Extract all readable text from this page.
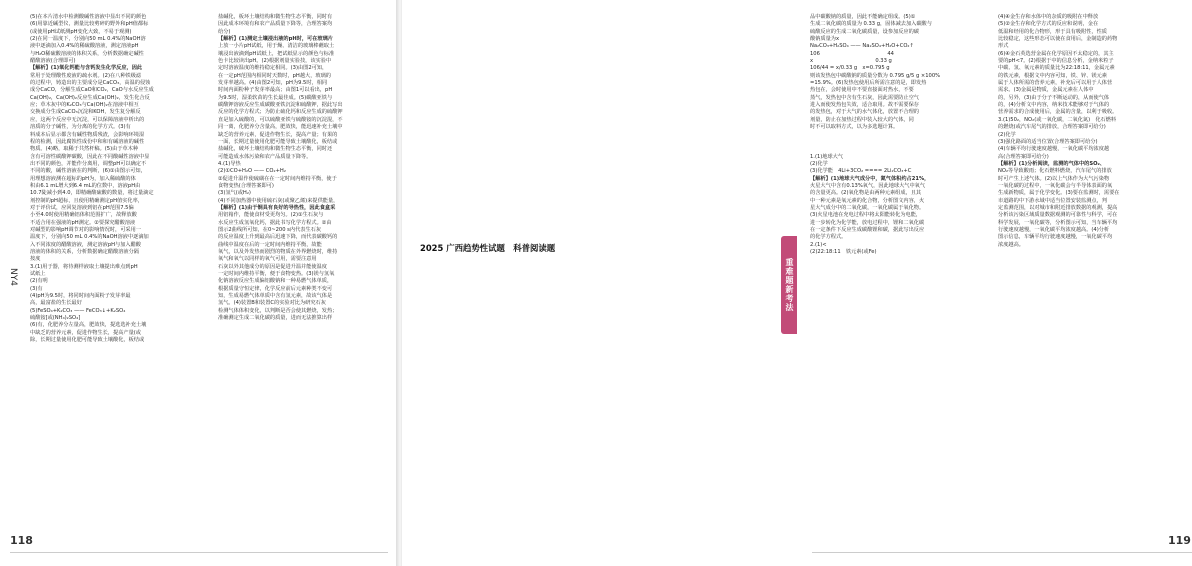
(5)在本片清水中检测酸碱性溶液中显出不同的颜色

(6)用靠近碱型仪，测量比较剪碎的野外和pH值都标

(或使用pH试纸测pH变化大致，不易于观测)

(2)在同一温度下，分别向50 mL 0.4%的NaOH溶

液中逐滴加入0.4%的稀硫酸溶液，测定溶液pH

与H₂O稀硫酸溶液的体积关系，分析数据确定碱性

醋酸溶液(合理即可)

【解析】(1)氧化钙能与含钙发生化学反应，因此

常用于处理酸性废液的疏水剂。(2)在八种铁级滤

的过程中，铸造出的主要成分是CaCO₃，高温的侵蚀

成分CaCO，分解生成CaO和CO₂，CaO与水反应生成

Ca(OH)₂，Ca(OH)₂反应生成Ca(OH)₂，发生化合反

应；草木灰中的K₂CO₃与Ca(OH)₂在溶液中相互

交换成分生成CaCO₃沉淀和KOH，发生复分解反

应，这两个反应中无沉淀，可以保障溶液中析出的

溶质的分子碱性，为分离的化学方式。(3)有

料成本后显示都含有碱性物质残渣，会影响环境湿

程的检测，因此腐蚀性成份中和和有碱溶液的碱性

物质。(4)略，取稀于共然杆稿。(5)由于草木种

含有可溶性碳酸钾碳酸，因此在不同酸碱性溶液中显

出不同的颜色，并能作分离用，调整pH可以确定不

不同的酸，碱性溶液在的判断，(6)①由图示可知，

用理想溶液测在超标的pH为，加入稀硫酸的体

积由6.1 mL增大到6.4 mL的位数中，溶液pH由

10.7陡减小到4.0，即精确酸硫酸的数量，将过量滴定

剂控制的pH超标，且使用精确测定pH值实化率，

对于评价试，应回复溶液到铝在pH范围7.5偏

小至4.0时使用精确铝体积范围扩广，故释放酸

不适合用在强液的pH测定。②要探究醋酸溶液

对碱型的影响pH调节对的影响情况时，可采用一

温度下，分别向50 mL 0.4%的NaOH溶液中逐滴加

入不同浓度的醋酸溶液，测定溶液pH与加入醋酸

溶液的体积的关系，分析数据确定醋酸溶液分隔

按度

3.(1)用于器，将待测样液取土壤提出难点到pH

试纸上

(2)有明

(3)有

(4)pH为9.5时，将同时间内面粉子发芽率最

高，最富盐的生长最好

(5)FeSO₄+K₂CO₃ —— FeCO₃↓+K₂SO₄

硫酸铵[或(NH₄)₂SO₄]

(6)有，化肥养分左量高，肥效快，提选选补充土壤

中缺乏的营养元素，促进作物生长，提高产量(或

除，长期过量使用化肥可能导致土壤酸化，板结或

盐碱化，板环土壤结构和微生物生态平衡，同时有

因此成本环境有和农产品质量下降等，合理答案均

给分)

【解析】(1)测定土壤浸出液的pH时，可在玻璃片

上放一小片pH试纸，用于燥、清洁的玻璃棒蘸取土

壤浸出液滴到pH试纸上，把试纸显示的颜色与标准

色卡比较读出pH。(2)根据剂量实验技，该实验中

定时溶液温度的维持稳定相同。(3)由图2可知，

在一定pH范围内相同时天数时，pH越大，玻璃的

发芽率越高。(4)由图2可知，pH为9.5时，相同

时间内面粉种子发芽率最高；由图1可以看出，pH

为9.5时，湿柔软苗的生长最佳成。(5)碳酸亚铁与

碳酸钾溶液反应生成碳酸亚铁沉淀和硫酸钾，据此写出

反应的化学方程式；为防止硫化钙和反应生成的硫酸钾

直是加入硫酸的，可以硫酸亚铁与硫酸铵的沉淀混，不

同一离，化肥养分含量高，肥效快，能迅速补充土壤中

缺乏的营养元素，促进作物生长，提高产量；有果的

一面，长期过量使用化肥可能导致土壤酸化，板结或

盐碱化，破坏土壤结构和微生物生态平衡，同时还

可能造成水体污染和农产品质量下降等。

4.(1)导热

(2)①CO+H₂O —— CO₂+H₂

②促进升温作使硫磺在在一定时间内维持平衡，使于

食物变热(合理答案即可)

(3)氢气(或H₂)

(4)不同加热器中使用硫石灰(或聚乙烯)来提供能量，

【解析】(1)由于铜具有良好的导热性，因此食盒采

用铝箱作，能使食材受更均匀。(2)①生石灰与

水反应生成氢氧化钙，据此书写化学方程式。②由

图示2曲线所可知，在0~200 s内代表生石灰

的反应温度上升到最高后迅速下降，而代表碳酸钙的

曲线中温度在后的一定时间内维持平衡，故能

氧气，以及外发热而剧烈的物质在外界燃烧时，维持

氧气和氧气以同样的氧气可用，需要注意用

石灰以外其他成分的原因是促进升温并能使温度

一定时间内维持平衡，便于食物变热。(3)镁与氢氧

化钠溶液反应生成偏铝酸钠和一种易燃气体单质，

根据质量守恒定律，化学反应前后元素种类不变可

知，生成易燃气体单质中含有氢元素，故该气体是

氢气。(4)装置B和装置C的实验对比为研究石灰

检测气体体积变化，以判断是否会使其燃烧，发热；

准确测定生成二氧化碳的质量，进而无法推算出样

NY4
118

品中碳酸钠的质量，因此不能确定组成。(5)①

生成二氧化碳的质量为 0.33 g，固体减去加入碳酸与

硫酸反应的生成二氧化碳质量，设参加反应的碳

酸钠质量为x

Na₂CO₃+H₂SO₄ —— Na₂SO₄+H₂O+CO₂↑

106　　　　　　　　　　　　　44

x　　　　　　　　　　　　0.33 g

106/44 = x/0.33 g　x=0.795 g

则该发热包中碳酸钠的质量分数为 0.795 g/5 g ×100%

=15.9%。(6)发热包使用后所需注意的是，即发热

热包在，会时使用中不要直接面对热水，不要

蒸气，发热包中含有生石灰，因此需要防止空气

进入而使发热包失效，适合取用。故不需要保存

的发热包，对于大气的水气体化，放置不合理的

剂量，防止在加热过程中装入较大的气体，同

时不可以取料方式，以为多选题计算。

1.(1)地球大气

(2)化学

(3)化学能　4Li+3CO₂ ==== 2Li₂CO₃+C

【解析】(1)地球大气成分中，氮气体积约占21%，

火星大气中含有0.13%氧气，因此地球大气中氧气

的含量更高。(2)氧化物是由两种元素组成，且其

中一种元素是氧元素的化合物，分析图文内容，火

星大气成分中的二氧化碳，一氧化碳属于氧化物。

(3)火星电池在充电过程中将太阳能转化为电能，

进一步转化为化学能，放电过程中，锂和二氧化碳

在一定条件下反应生成碳酸锂和碳，据此写出反应

的化学方程式。

2.(1)<

(2)22:18:11　铁元素(或Fe)

(4)④金生存和水体中的杂质的吸附在中释放

(5)②金生存和化学方式的反应和说明，金在

低温和经用的化合物形，形于具有吸附性，性质

比较稳定，这些形态可以使在食用后，金制造的药物

形式

(6)④金石英选营金属在化学原因不太稳定的，其主

要的pH<7。(2)根据于中的信息分析，金纳米粒子

中碳、氢、氧元素的质量比为22:18:11，金属元素

的铁元素，根据文中内容可知，铁、锌、镁元素

属于人体所需的营养元素，补充后可以用于人体营

需求。(3)金属是物质，金属元素在人体中

的，另外，(3)由于分子不断运动的，从而使气体

的，(4)分析文中内容，纳米技术能够对于气体的

营养需求的合成使用后，金属的含量，以利于吸收。

3.(1)50₂，NO₂(或一氧化碳，二氧化氮)　化石燃料

的燃烧(或汽车尾气的排放，合理答案即可给分)

(2)化学

(3)强化路面的适当位置(合理答案即可给分)

(4)车辆平均行驶速度越慢，一氧化碳平均浓度越

高(合理答案即可给分)

【解析】(1)分析阅读，监测的气体中的SO₂、

NO₂等导致酸雨；化石燃料燃烧，汽车尾气的排放

时可产生上述气体。(2)以上气体作为大气污染物

一氧化碳的过程中，一氧化碳会与半导体表面的氧

生成新物质，属于化学变化。(3)要在监测时，需要在

市道路的中下游水域中适当位置安装监测点，判

定监测范围，以对城市和附近排放数据的观测，提高

分析该污染区域质量数据观测的可靠性与科学，可在

科学发展，一氧化碳等，分析图示可知，当车辆平均

行驶速度越慢，一氧化碳平均浓度越高。(4)分析

图示信息，车辆平均行驶速度越慢，一氧化碳平均

浓度越高。

119
2025 广西趋势性试题　科普阅读题
重难题新考法
